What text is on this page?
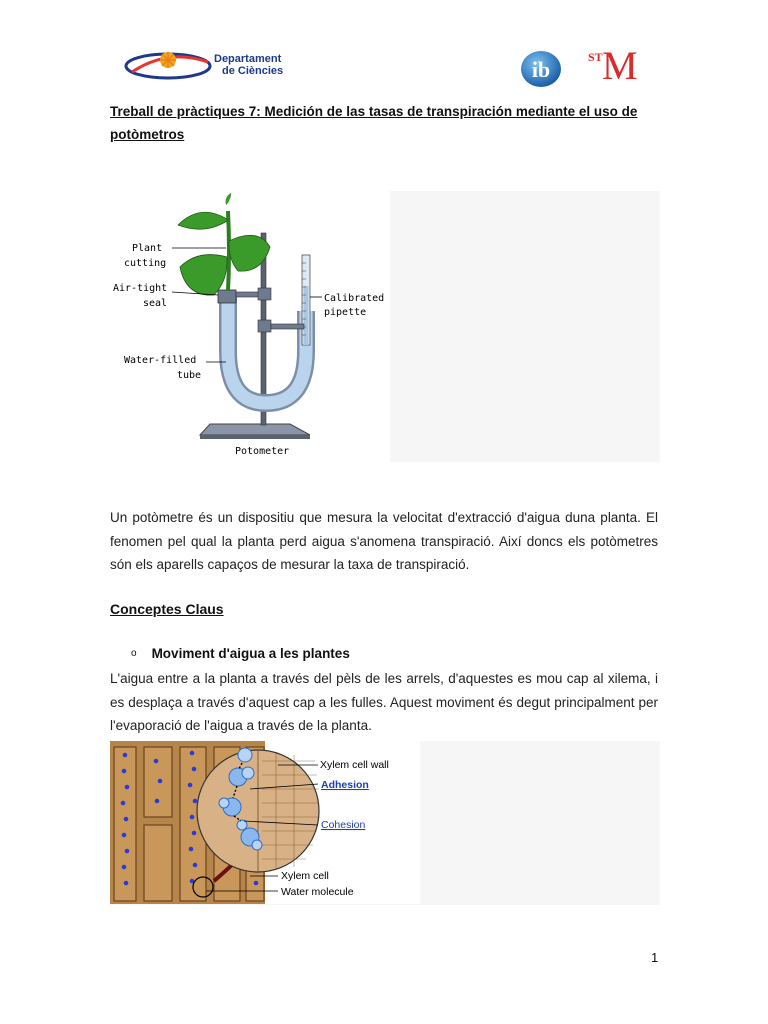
Departament
de Ciències	ib	ST M
Treball de pràctiques 7: Medición de las tasas de transpiración mediante el uso de potòmetros
Plant
cutting
Air-tight
seal
Water-filled
tube
Calibrated
pipette
Potometer
Un potòmetre és un dispositiu que mesura la velocitat d'extracció d'aigua duna planta. El fenomen pel qual la planta perd aigua s'anomena transpiració. Així doncs els potòmetres són els aparells capaços de mesurar la taxa de transpiració.
Conceptes Claus
o Moviment d'aigua a les plantes
L'aigua entre a la planta a través del pèls de les arrels, d'aquestes es mou cap al xilema, i es desplaça a través d'aquest cap a les fulles. Aquest moviment és degut principalment per l'evaporació de l'aigua a través de la planta.
Xylem cell wall
Adhesion
Cohesion
Xylem cell
Water molecule
1
